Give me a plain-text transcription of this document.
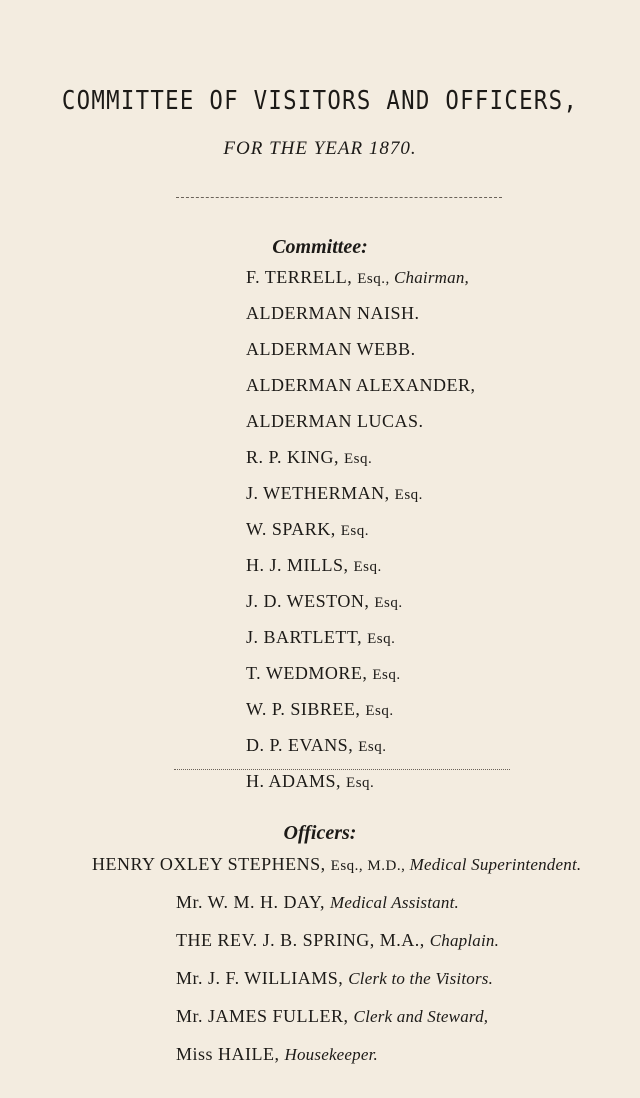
COMMITTEE OF VISITORS AND OFFICERS,
FOR THE YEAR 1870.
Committee:
F. TERRELL, Esq., Chairman,
ALDERMAN NAISH.
ALDERMAN WEBB.
ALDERMAN ALEXANDER,
ALDERMAN LUCAS.
R. P. KING, Esq.
J. WETHERMAN, Esq.
W. SPARK, Esq.
H. J. MILLS, Esq.
J. D. WESTON, Esq.
J. BARTLETT, Esq.
T. WEDMORE, Esq.
W. P. SIBREE, Esq.
D. P. EVANS, Esq.
H. ADAMS, Esq.
Officers:
HENRY OXLEY STEPHENS, Esq., M.D., Medical Superintendent.
Mr. W. M. H. DAY, Medical Assistant.
THE REV. J. B. SPRING, M.A., Chaplain.
Mr. J. F. WILLIAMS, Clerk to the Visitors.
Mr. JAMES FULLER, Clerk and Steward,
Miss HAILE, Housekeeper.
